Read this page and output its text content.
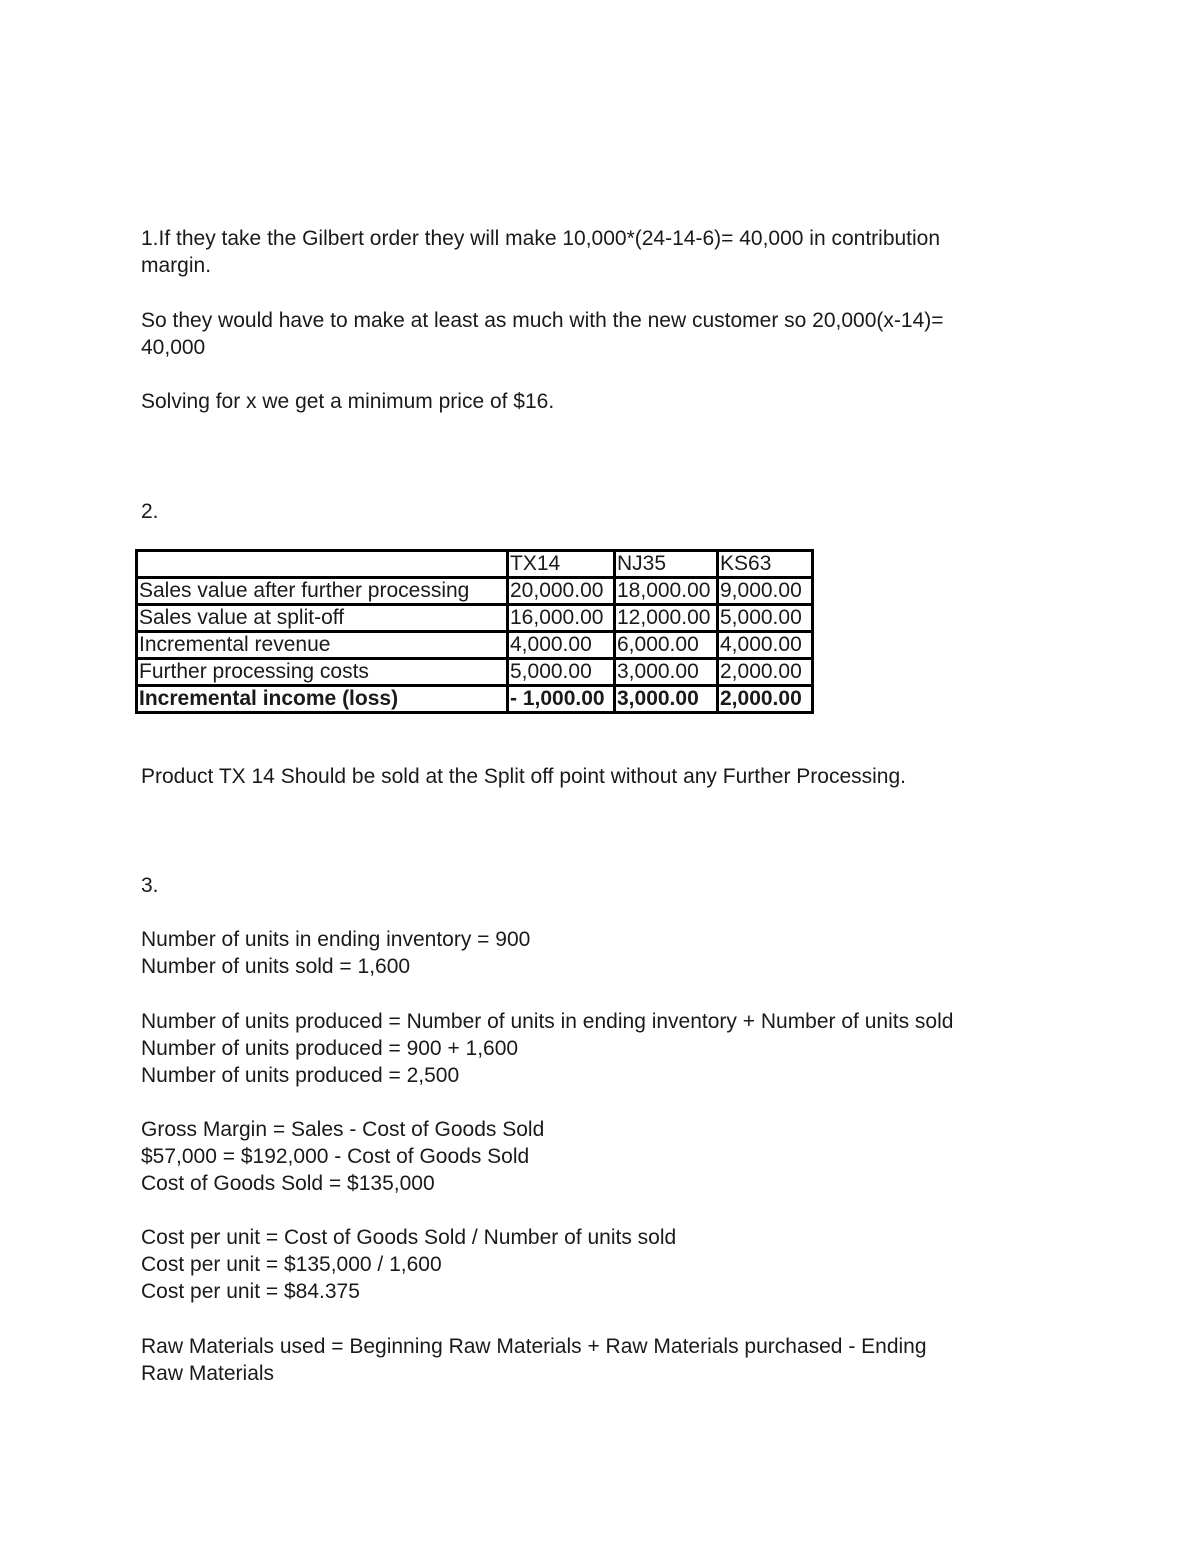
1.If they take the Gilbert order they will make 10,000*(24-14-6)= 40,000 in contribution
margin.
So they would have to make at least as much with the new customer so 20,000(x-14)=
40,000
Solving for x we get a minimum price of $16.
2.
	TX14	NJ35	KS63
Sales value after further processing	20,000.00	18,000.00	9,000.00
Sales value at split-off	16,000.00	12,000.00	5,000.00
Incremental revenue	4,000.00	6,000.00	4,000.00
Further processing costs	5,000.00	3,000.00	2,000.00
Incremental income (loss)	- 1,000.00	3,000.00	2,000.00
Product TX 14 Should be sold at the Split off point without any Further Processing.
3.
Number of units in ending inventory = 900
Number of units sold = 1,600
Number of units produced = Number of units in ending inventory + Number of units sold
Number of units produced = 900 + 1,600
Number of units produced = 2,500
Gross Margin = Sales - Cost of Goods Sold
$57,000 = $192,000 - Cost of Goods Sold
Cost of Goods Sold = $135,000
Cost per unit = Cost of Goods Sold / Number of units sold
Cost per unit = $135,000 / 1,600
Cost per unit = $84.375
Raw Materials used = Beginning Raw Materials + Raw Materials purchased - Ending
Raw Materials
